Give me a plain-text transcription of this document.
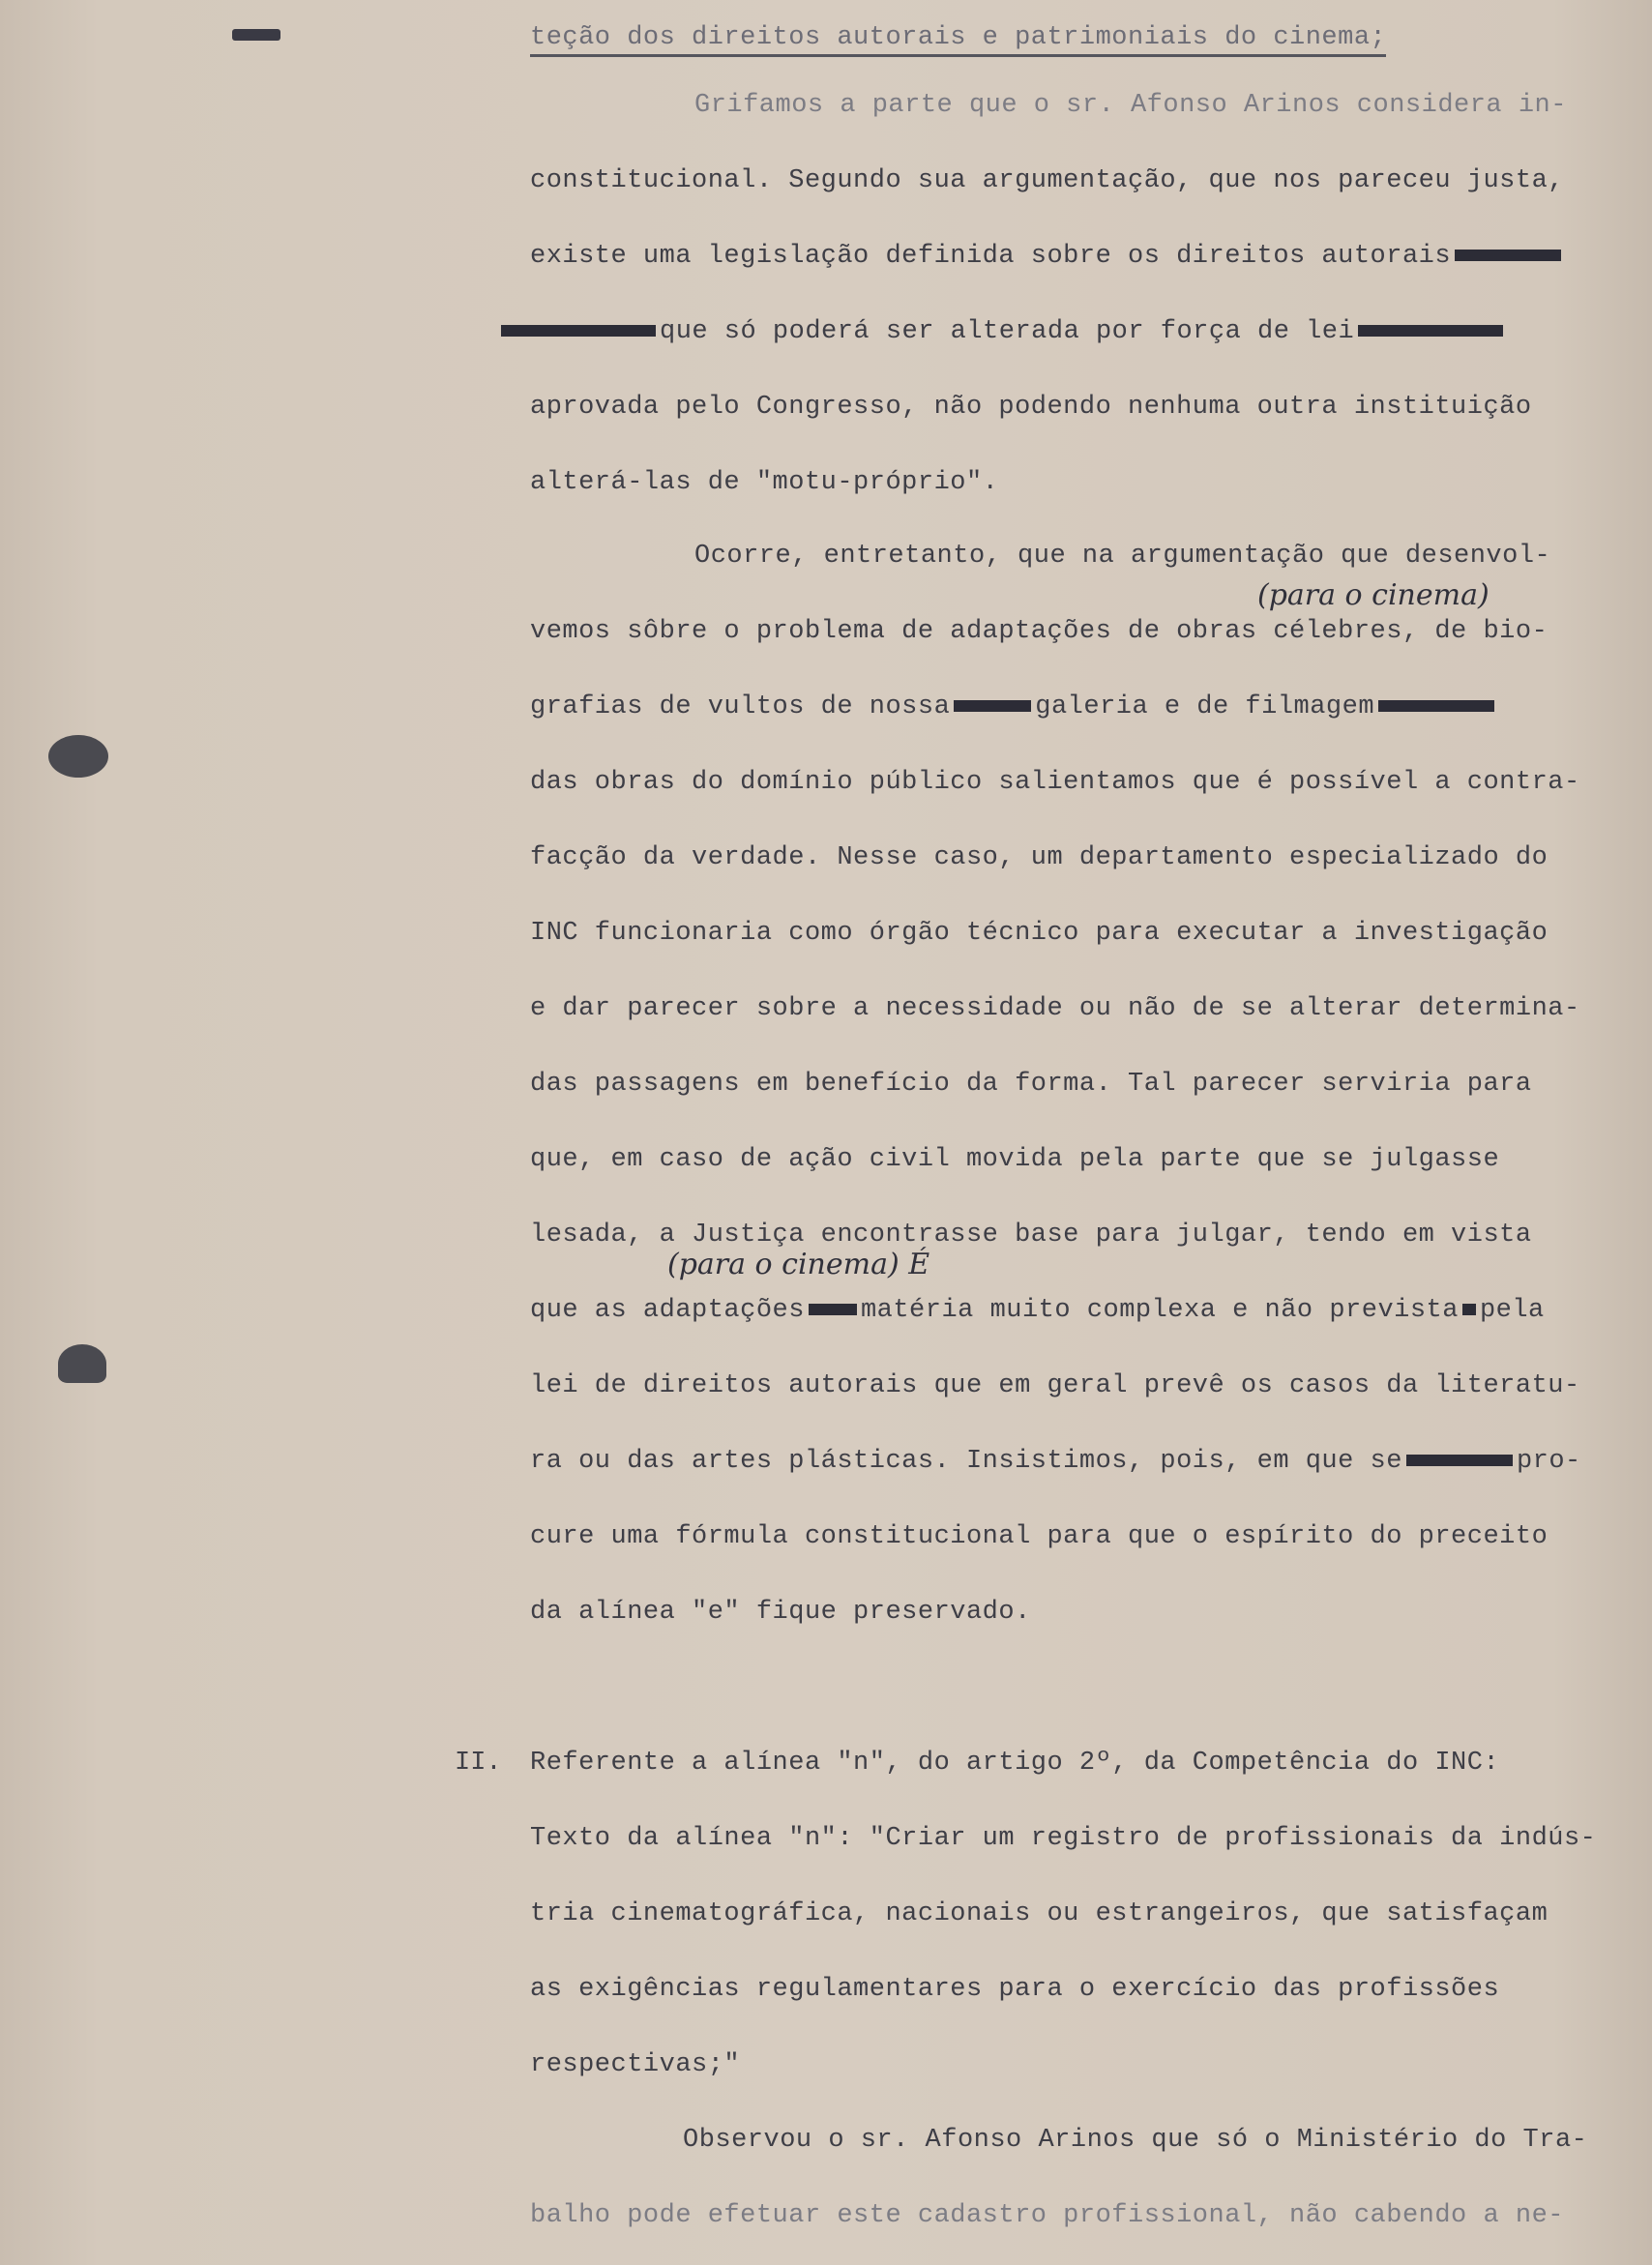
teção dos direitos autorais e patrimoniais do cinema;
Grifamos a parte que o sr. Afonso Arinos considera in-
constitucional. Segundo sua argumentação, que nos pareceu justa,
existe uma legislação definida sobre os direitos autorais
que só poderá ser alterada por força de lei
aprovada pelo Congresso, não podendo nenhuma outra instituição
alterá-las de "motu-próprio".
Ocorre, entretanto, que na argumentação que desenvol-
(para o cinema)
vemos sôbre o problema de adaptações de obras célebres, de bio-
grafias de vultos de nossa	galeria e de filmagem
das obras do domínio público salientamos que é possível a contra-
facção da verdade. Nesse caso, um departamento especializado do
INC funcionaria como órgão técnico para executar a investigação
e dar parecer sobre a necessidade ou não de se alterar determina-
das passagens em benefício da forma. Tal parecer serviria para
que, em caso de ação civil movida pela parte que se julgasse
lesada, a Justiça encontrasse base para julgar, tendo em vista
(para o cinema) É
que as adaptações matéria muito complexa e não prevista pela
lei de direitos autorais que em geral prevê os casos da literatu-
ra ou das artes plásticas. Insistimos, pois, em que se	pro-
cure uma fórmula constitucional para que o espírito do preceito
da alínea "e" fique preservado.
II. Referente a alínea "n", do artigo 2º, da Competência do INC:
Texto da alínea "n": "Criar um registro de profissionais da indús-
tria cinematográfica, nacionais ou estrangeiros, que satisfaçam
as exigências regulamentares para o exercício das profissões
respectivas;"
Observou o sr. Afonso Arinos que só o Ministério do Tra-
balho pode efetuar este cadastro profissional, não cabendo a ne-
